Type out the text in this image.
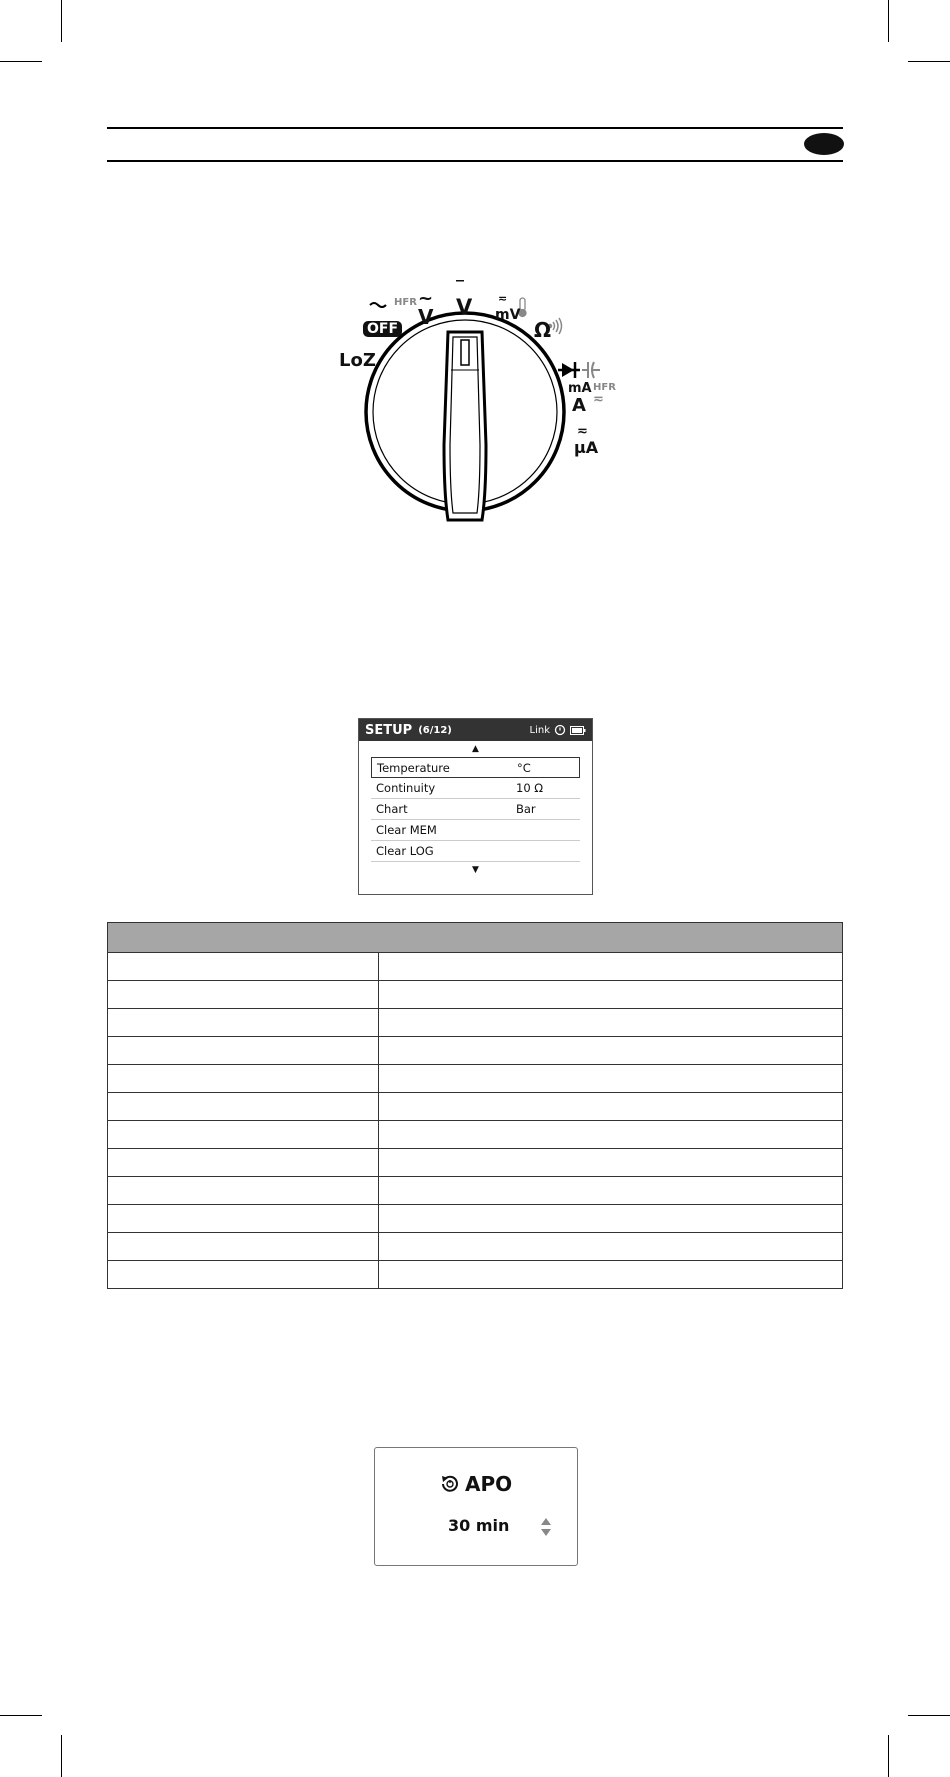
OFF
LoZ
HFR
V
~ V
‾
mV
≂
Ω
mA
A
HFR
≂
µA
≂
SETUP (6/12)	Link
▲
Temperature	°C
Continuity	10 Ω
Chart	Bar
Clear MEM
Clear LOG
▼

APO
30 min
